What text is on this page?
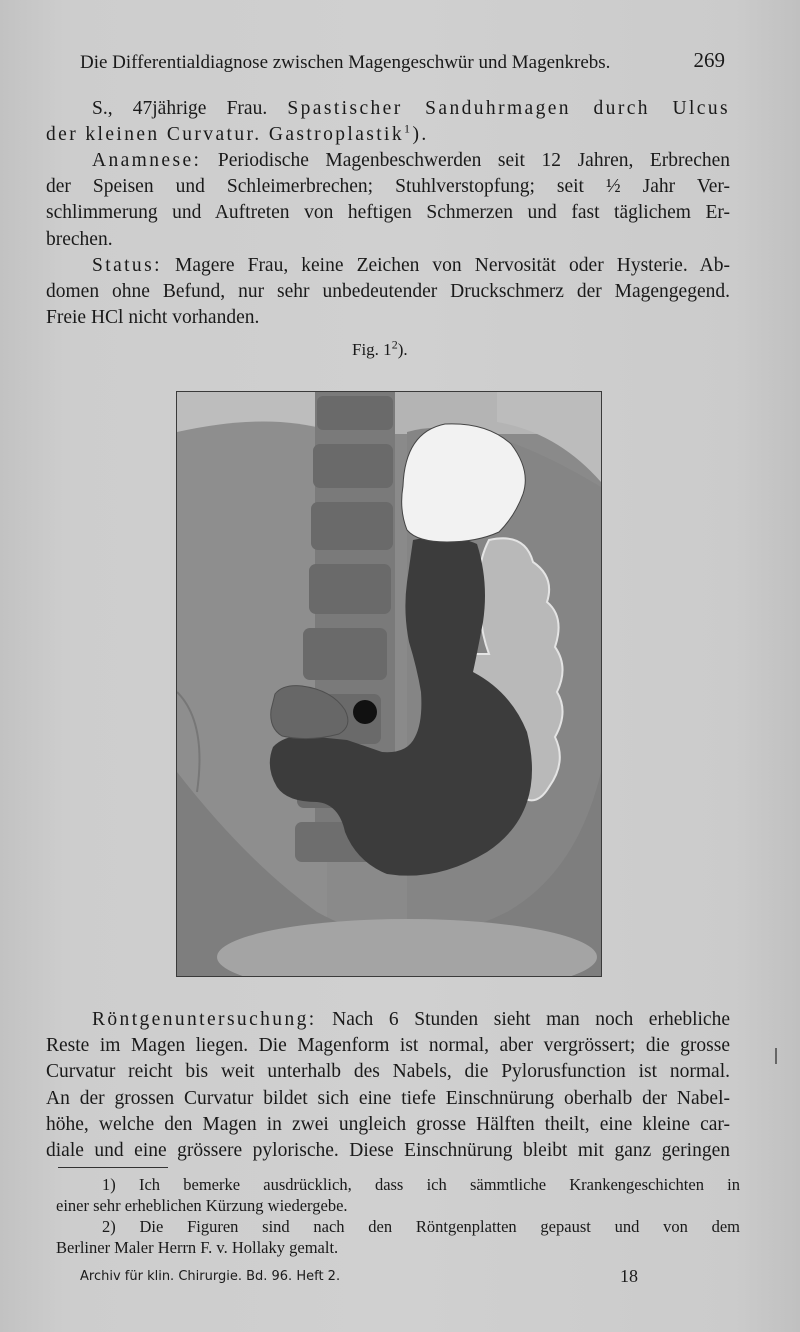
Die Differentialdiagnose zwischen Magengeschwür und Magenkrebs.	269
S., 47jährige Frau. Spastischer Sanduhrmagen durch Ulcus
der kleinen Curvatur. Gastroplastik$^1$).
Anamnese: Periodische Magenbeschwerden seit 12 Jahren, Erbrechen
der Speisen und Schleimerbrechen; Stuhlverstopfung; seit ½ Jahr Ver-
schlimmerung und Auftreten von heftigen Schmerzen und fast täglichem Er-
brechen.
Status: Magere Frau, keine Zeichen von Nervosität oder Hysterie. Ab-
domen ohne Befund, nur sehr unbedeutender Druckschmerz der Magengegend.
Freie HCl nicht vorhanden.
Fig. $1^2$).
Röntgenuntersuchung: Nach 6 Stunden sieht man noch erhebliche
Reste im Magen liegen. Die Magenform ist normal, aber vergrössert; die grosse
Curvatur reicht bis weit unterhalb des Nabels, die Pylorusfunction ist normal.
An der grossen Curvatur bildet sich eine tiefe Einschnürung oberhalb der Nabel-
höhe, welche den Magen in zwei ungleich grosse Hälften theilt, eine kleine car-
diale und eine grössere pylorische. Diese Einschnürung bleibt mit ganz geringen
1) Ich bemerke ausdrücklich, dass ich sämmtliche Krankengeschichten in
einer sehr erheblichen Kürzung wiedergebe.
2) Die Figuren sind nach den Röntgenplatten gepaust und von dem
Berliner Maler Herrn F. v. Hollaky gemalt.
Archiv für klin. Chirurgie. Bd. 96. Heft 2.	18
